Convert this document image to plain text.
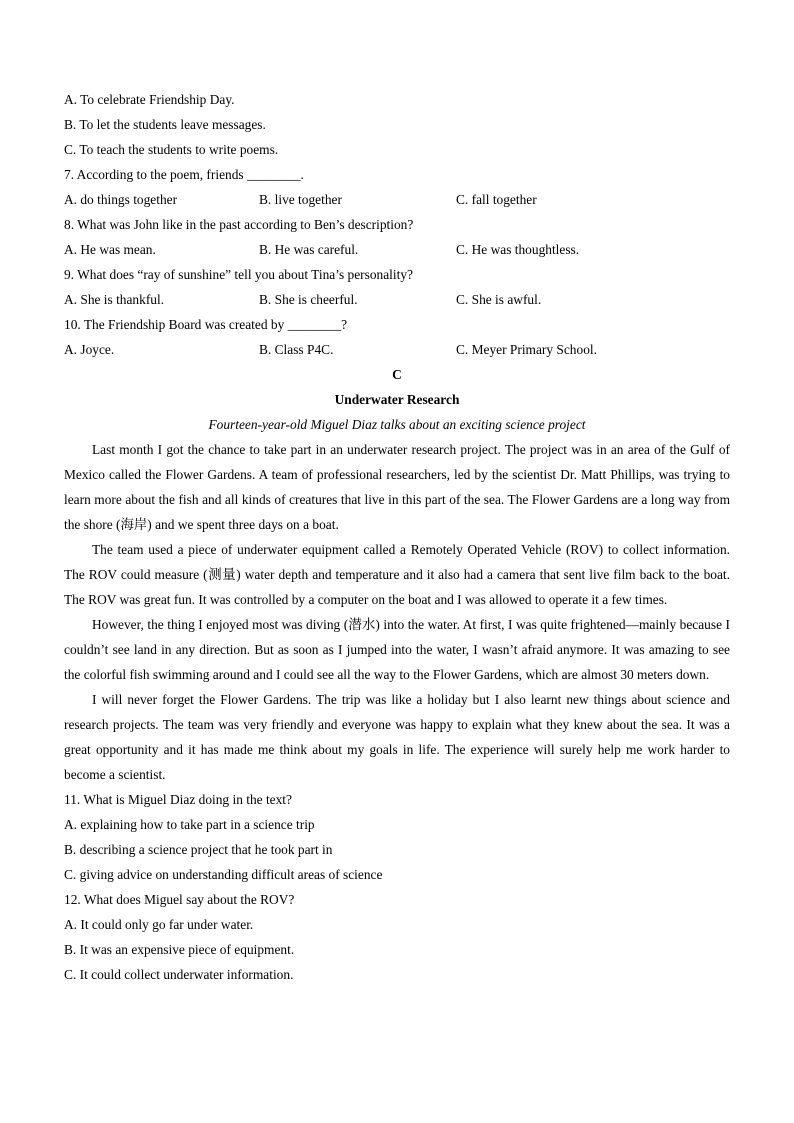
A. To celebrate Friendship Day.
B. To let the students leave messages.
C. To teach the students to write poems.
7. According to the poem, friends ________.
A. do things together	B. live together	C. fall together
8. What was John like in the past according to Ben’s description?
A. He was mean.	B. He was careful.	C. He was thoughtless.
9. What does “ray of sunshine” tell you about Tina’s personality?
A. She is thankful.	B. She is cheerful.	C. She is awful.
10. The Friendship Board was created by ________?
A. Joyce.	B. Class P4C.	C. Meyer Primary School.
C
Underwater Research
Fourteen-year-old Miguel Diaz talks about an exciting science project
Last month I got the chance to take part in an underwater research project. The project was in an area of the Gulf of Mexico called the Flower Gardens. A team of professional researchers, led by the scientist Dr. Matt Phillips, was trying to learn more about the fish and all kinds of creatures that live in this part of the sea. The Flower Gardens are a long way from the shore (海岸) and we spent three days on a boat.
The team used a piece of underwater equipment called a Remotely Operated Vehicle (ROV) to collect information. The ROV could measure (测量) water depth and temperature and it also had a camera that sent live film back to the boat. The ROV was great fun. It was controlled by a computer on the boat and I was allowed to operate it a few times.
However, the thing I enjoyed most was diving (潜水) into the water. At first, I was quite frightened—mainly because I couldn’t see land in any direction. But as soon as I jumped into the water, I wasn’t afraid anymore. It was amazing to see the colorful fish swimming around and I could see all the way to the Flower Gardens, which are almost 30 meters down.
I will never forget the Flower Gardens. The trip was like a holiday but I also learnt new things about science and research projects. The team was very friendly and everyone was happy to explain what they knew about the sea. It was a great opportunity and it has made me think about my goals in life. The experience will surely help me work harder to become a scientist.
11. What is Miguel Diaz doing in the text?
A. explaining how to take part in a science trip
B. describing a science project that he took part in
C. giving advice on understanding difficult areas of science
12. What does Miguel say about the ROV?
A. It could only go far under water.
B. It was an expensive piece of equipment.
C. It could collect underwater information.
